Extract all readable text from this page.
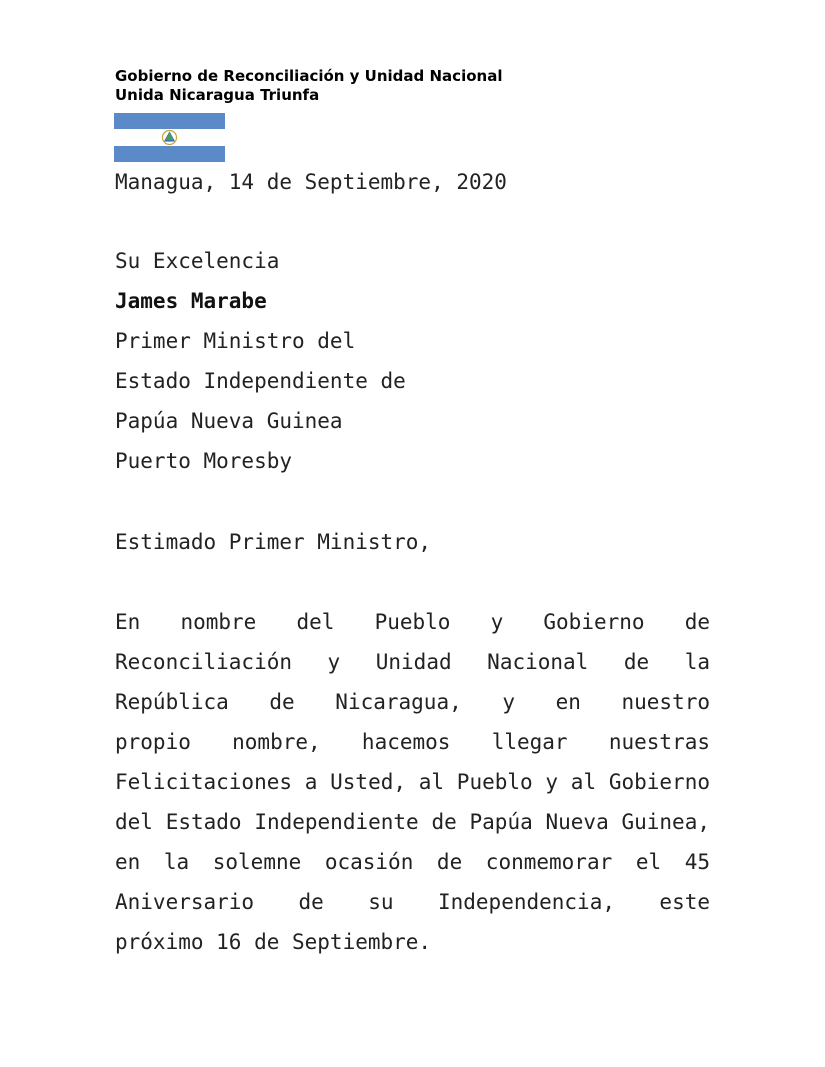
Gobierno de Reconciliación y Unidad Nacional
Unida Nicaragua Triunfa
Managua, 14 de Septiembre, 2020
Su Excelencia
James Marabe
Primer Ministro del
Estado Independiente de
Papúa Nueva Guinea
Puerto Moresby
Estimado Primer Ministro,
En nombre del Pueblo y Gobierno de
Reconciliación y Unidad Nacional de la
República de Nicaragua, y en nuestro
propio nombre, hacemos llegar nuestras
Felicitaciones a Usted, al Pueblo y al Gobierno
del Estado Independiente de Papúa Nueva Guinea,
en la solemne ocasión de conmemorar el 45
Aniversario de su Independencia, este
próximo 16 de Septiembre.
